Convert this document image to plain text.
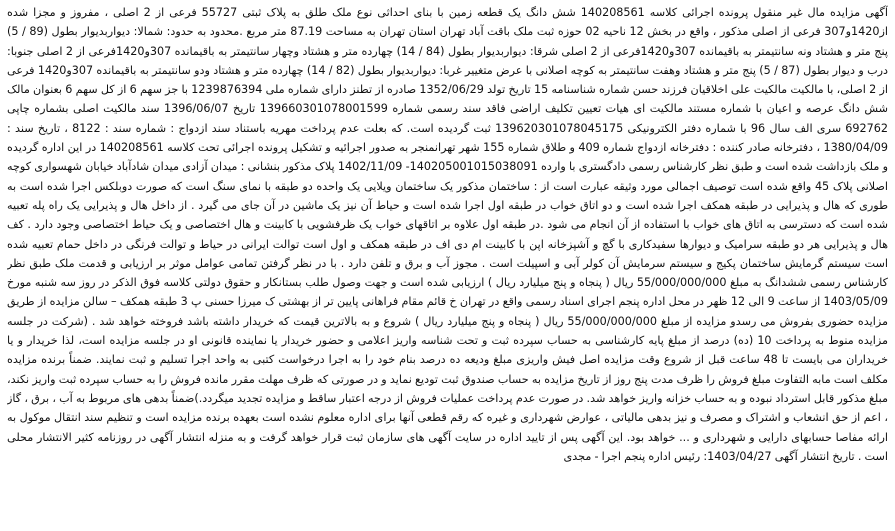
آگهی مزایده مال غیر منقول پرونده اجرائی کلاسه 140208561 شش دانگ یک قطعه زمین با بنای احداثی نوع ملک طلق به پلاک ثبتی 55727 فرعی از 2 اصلی ، مفروز و مجزا شده از1420و307 فرعی از اصلی مذکور ، واقع در بخش 12 ناحیه 02 حوزه ثبت ملک باقت آباد تهران استان تهران به مساحت 87.19 متر مربع .محدود به حدود: شمالا: دیواربدیوار بطول (89 / 5) پنج متر و هشتاد ونه سانتیمتر به باقیمانده 307و1420فرعی از 2 اصلی شرقا: دیواربدیوار بطول (84 / 14) چهارده متر و هشتاد وچهار سانتیمتر به باقیمانده 307و1420فرعی از 2 اصلی جنوبا: درب و دیوار بطول (87 / 5) پنج متر و هشتاد وهفت سانتیمتر به کوچه اصلانی با عرض متغییر غربا: دیواربدیوار بطول (82 / 14) چهارده متر و هشتاد ودو سانتیمتر به باقیمانده 307و1420 فرعی از 2 اصلی، با مالکیت مالکیت علی اخلاقیان فرزند حسن شماره شناسنامه 15 تاریخ تولد 1352/06/29 صادره از تطنز دارای شماره ملی 1239876394 با جز سهم 6 از کل سهم 6 بعنوان مالک شش دانگ عرصه و اعیان با شماره مستند مالکیت ای هیات تعیین تکلیف اراضی فاقد سند رسمی شماره 139660301078001599 تاریخ 1396/06/07 سند مالکیت اصلی بشماره چاپی 692762 سری الف سال 96 با شماره دفتر الکترونیکی 139620301078045175 ثبت گردیده است. که بعلت عدم پرداخت مهریه باستناد سند ازدواج : شماره سند : 8122 ، تاریخ سند : 1380/04/09 ، دفترخانه صادر کننده : دفترخانه ازدواج شماره 409 و طلاق شماره 155 شهر تهرانمنجر به صدور اجرائیه و تشکیل پرونده اجرائی تحت کلاسه 140208561 در این اداره گردیده و ملک بازداشت شده است و طبق نظر کارشناس رسمی دادگستری با وارده 140205001015038091- 1402/11/09 پلاک مذکور بنشانی : میدان آزادی میدان شادآباد خیابان شهسواری کوچه اصلانی پلاک 45 واقع شده است توصیف اجمالی مورد وثیقه عبارت است از : ساختمان مذکور یک ساختمان ویلایی یک واحده دو طبقه با نمای سنگ است که صورت دوبلکس اجرا شده است به طوری که هال و پذیرایی در طبقه همکف اجرا شده است و دو اتاق خواب در طبقه اول اجرا شده است و حیاط آن نیز یک ماشین در آن جای می گیرد . از داخل هال و پذیرایی یک راه پله تعبیه شده است که دسترسی به اتاق های خواب با استفاده از آن انجام می شود .در طبقه اول علاوه بر اتاقهای خواب یک ظرفشویی با کابینت و هال اختصاصی و یک حیاط اختصاصی وجود دارد . کف هال و پذیرایی هر دو طبقه سرامیک و دیوارها سفیدکاری با گچ و آشپزخانه اپن با کابینت ام دی اف در طبقه همکف و اول است توالت ایرانی در حیاط و توالت فرنگی در داخل حمام تعبیه شده است سیستم گرمایش ساختمان پکیج و سیستم سرمایش آن کولر آبی و اسپیلت است . مجوز آب و برق و تلفن دارد . با در نظر گرفتن تمامی عوامل موثر بر ارزیابی و قدمت ملک طبق نظر کارشناس رسمی ششدانگ به مبلغ 55/000/000/000 ریال ( پنجاه و پنج میلیارد ریال ) ارزیابی شده است و جهت وصول طلب بستانکار و حقوق دولتی کلاسه فوق الذکر در روز سه شنبه مورخ 1403/05/09 از ساعت 9 الی 12 ظهر در محل اداره پنجم اجرای اسناد رسمی واقع در تهران خ قائم مقام فراهانی پایین تر از بهشتی ک میرزا حسنی پ 3 طبقه همکف – سالن مزایده از طریق مزایده حضوری بفروش می رسدو مزایده از مبلغ 55/000/000/000 ریال ( پنجاه و پنج میلیارد ریال ) شروع و به بالاترین قیمت که خریدار داشته باشد فروخته خواهد شد . (شرکت در جلسه مزایده منوط به پرداخت 10 (ده) درصد از مبلغ پایه کارشناسی به حساب سپرده ثبت و تحت شناسه واریز اعلامی و حضور خریدار یا نماینده قانونی او در جلسه مزایده است، لذا خریدار و یا خریداران می بایست تا 48 ساعت قبل از شروع وقت مزایده اصل فیش واریزی مبلغ ودیعه ده درصد بنام خود را به اجرا درخواست کتبی به واحد اجرا تسلیم و ثبت نمایند. ضمناً برنده مزایده مکلف است مابه التفاوت مبلغ فروش را ظرف مدت پنج روز از تاریخ مزایده به حساب صندوق ثبت تودیع نماید و در صورتی که ظرف مهلت مقرر مانده فروش را به حساب سپرده ثبت واریز نکند، مبلغ مذکور قابل استرداد نبوده و به حساب خزانه واریز خواهد شد. در صورت عدم پرداخت عملیات فروش از درجه اعتبار ساقط و مزایده تجدید میگردد.)ضمناً بدهی های مربوط به آب ، برق ، گاز ، اعم از حق انشعاب و اشتراک و مصرف و نیز بدهی مالیاتی ، عوارض شهرداری و غیره که رقم قطعی آنها برای اداره معلوم نشده است بعهده برنده مزایده است و تنظیم سند انتقال موکول به ارائه مفاصا حسابهای دارایی و شهرداری و ... خواهد بود. این آگهی پس از تایید اداره در سایت آگهی های سازمان ثبت قرار خواهد گرفت و به منزله انتشار آگهی در روزنامه کثیر الانتشار محلی است . تاریخ انتشار آگهی 1403/04/27: رئیس اداره پنجم اجرا - مجدی
